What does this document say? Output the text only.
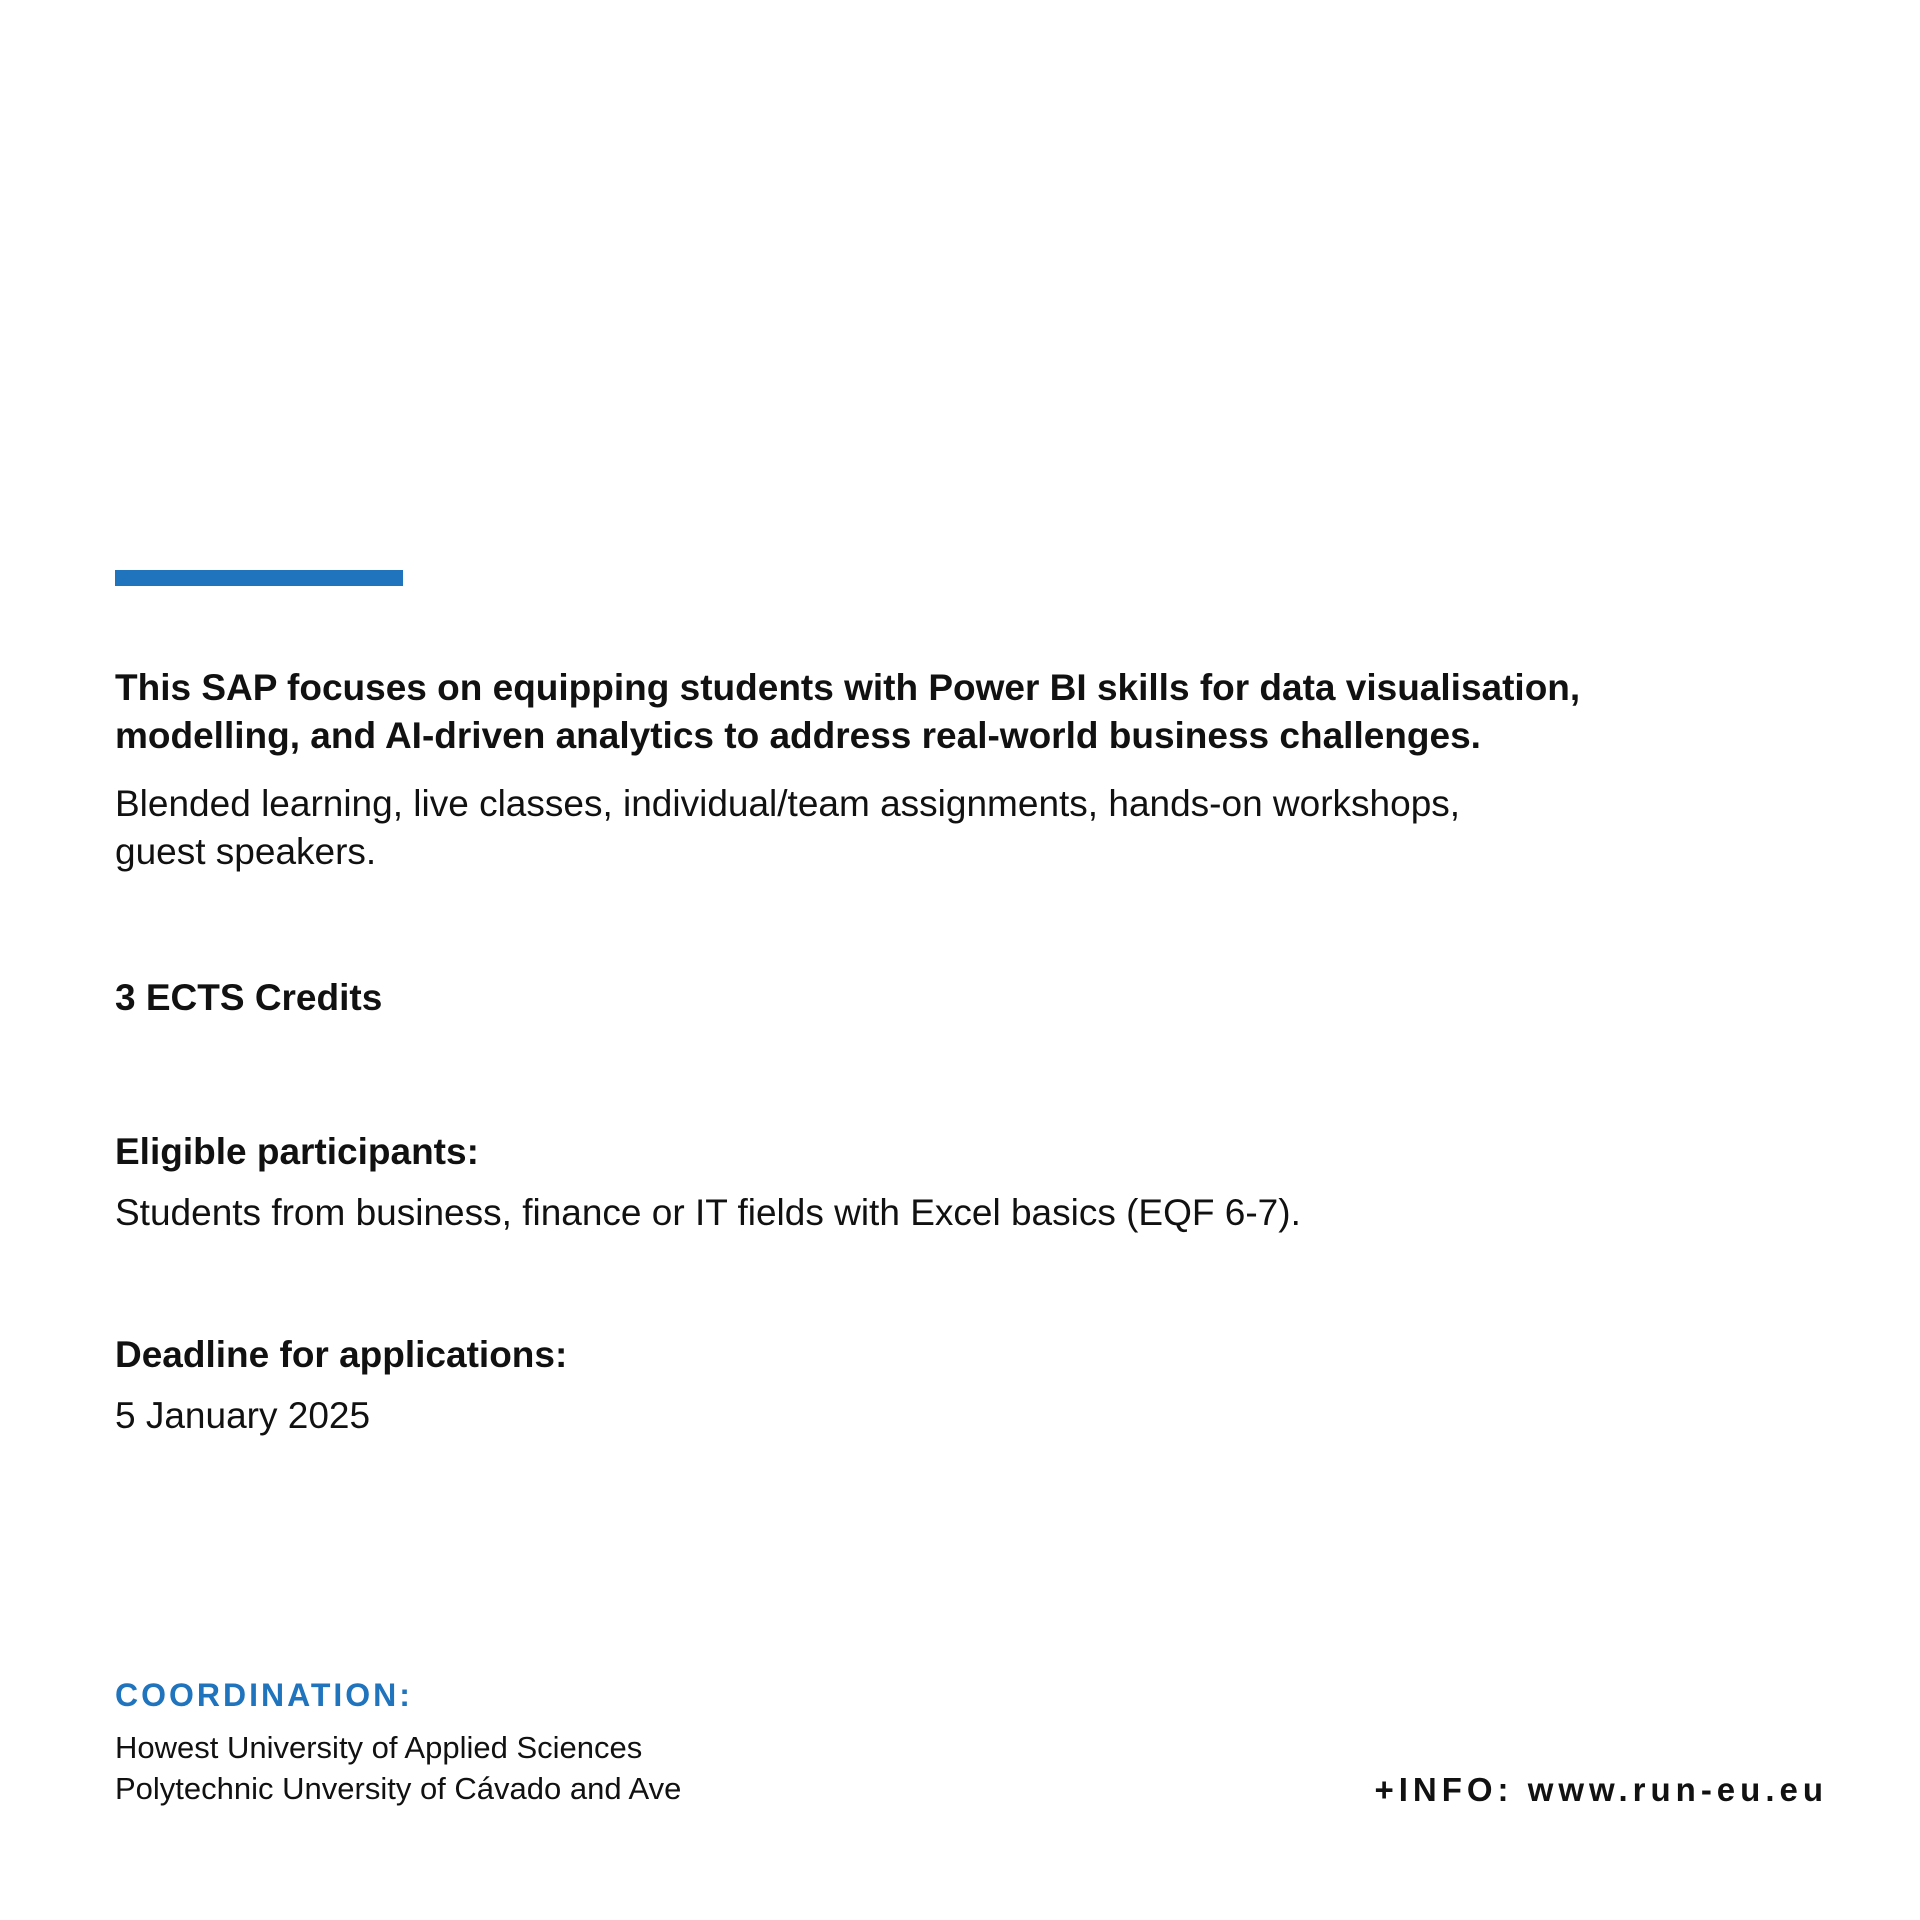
This SAP focuses on equipping students with Power BI skills for data visualisation,
modelling, and AI-driven analytics to address real-world business challenges.

Blended learning, live classes, individual/team assignments, hands-on workshops,
guest speakers.

3 ECTS Credits

Eligible participants:

Students from business, finance or IT fields with Excel basics (EQF 6-7).

Deadline for applications:

5 January 2025

COORDINATION:

Howest University of Applied Sciences

Polytechnic Unversity of Cávado and Ave	+INFO: www.run-eu.eu
